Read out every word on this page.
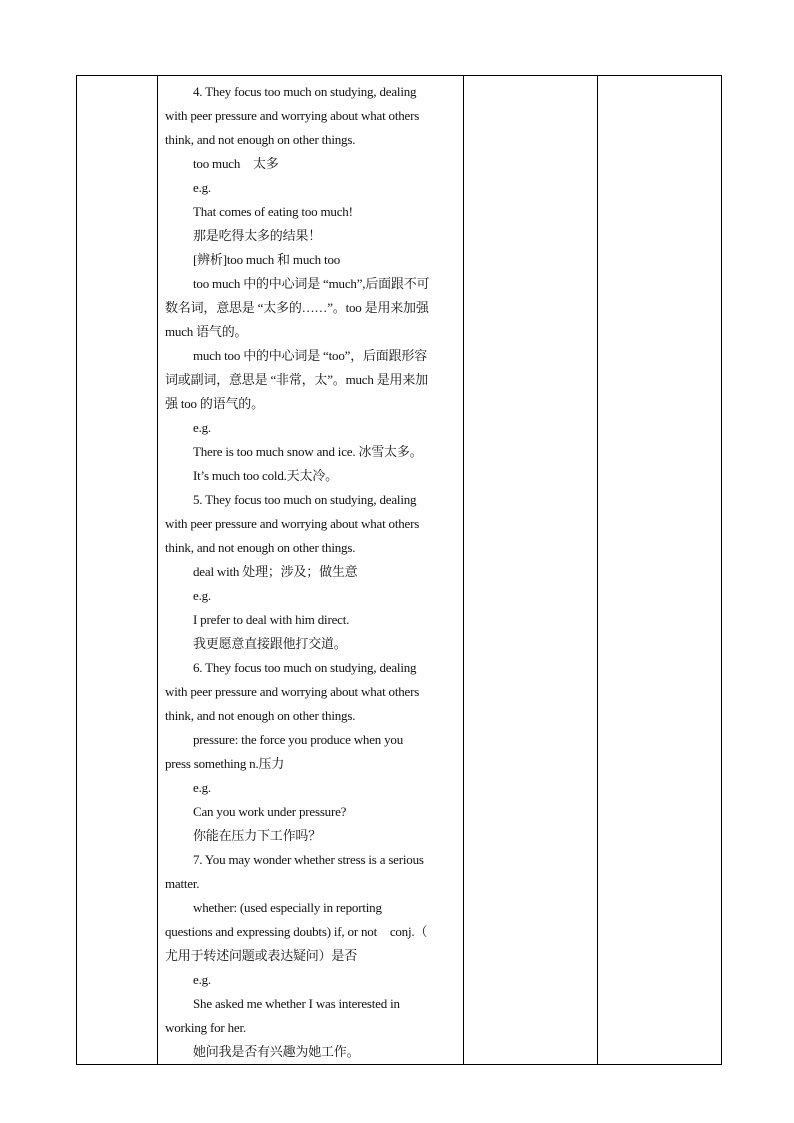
4. They focus too much on studying, dealing

with peer pressure and worrying about what others

think, and not enough on other things.

too much　太多

e.g.

That comes of eating too much!

那是吃得太多的结果！

[辨析]too much 和 much too

too much 中的中心词是 “much”,后面跟不可

数名词，意思是 “太多的……”。too 是用来加强

much 语气的。

much too 中的中心词是 “too”，后面跟形容

词或副词，意思是 “非常，太”。much 是用来加

强 too 的语气的。

e.g.

There is too much snow and ice. 冰雪太多。

It’s much too cold.天太冷。

5. They focus too much on studying, dealing

with peer pressure and worrying about what others

think, and not enough on other things.

deal with 处理；涉及；做生意

e.g.

I prefer to deal with him direct.

我更愿意直接跟他打交道。

6. They focus too much on studying, dealing

with peer pressure and worrying about what others

think, and not enough on other things.

pressure: the force you produce when you

press something n.压力

e.g.

Can you work under pressure?

你能在压力下工作吗？

7. You may wonder whether stress is a serious

matter.

whether: (used especially in reporting

questions and expressing doubts) if, or not　conj.（

尤用于转述问题或表达疑问）是否

e.g.

She asked me whether I was interested in

working for her.

她问我是否有兴趣为她工作。
